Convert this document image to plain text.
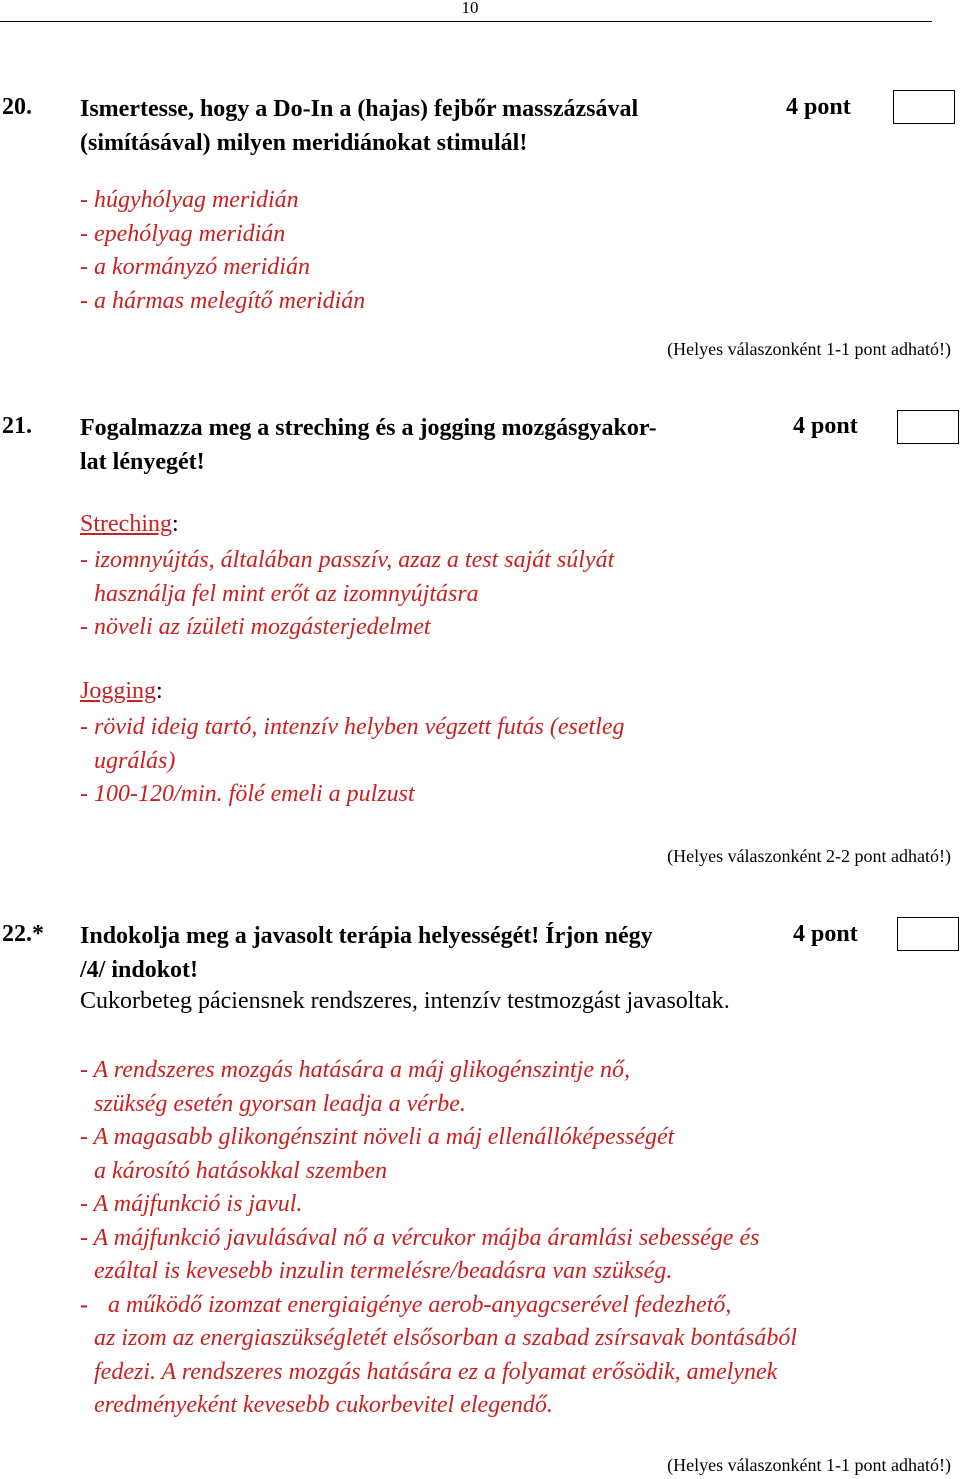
10
20. Ismertesse, hogy a Do-In a (hajas) fejbőr masszázsával
(simításával) milyen meridiánokat stimulál!
4 pont
- húgyhólyag meridián
- epehólyag meridián
- a kormányzó meridián
- a hármas melegítő meridián
(Helyes válaszonként 1-1 pont adható!)
21. Fogalmazza meg a streching és a jogging mozgásgyakor-
lat lényegét!
4 pont
Streching:
- izomnyújtás, általában passzív, azaz a test saját súlyát
használja fel mint erőt az izomnyújtásra
- növeli az ízületi mozgásterjedelmet
Jogging:
- rövid ideig tartó, intenzív helyben végzett futás (esetleg
ugrálás)
- 100-120/min. fölé emeli a pulzust
(Helyes válaszonként 2-2 pont adható!)
22.* Indokolja meg a javasolt terápia helyességét! Írjon négy
/4/ indokot!
4 pont
Cukorbeteg páciensnek rendszeres, intenzív testmozgást javasoltak.
- A rendszeres mozgás hatására a máj glikogénszintje nő,
szükség esetén gyorsan leadja a vérbe.
- A magasabb glikongénszint növeli a máj ellenállóképességét
a károsító hatásokkal szemben
- A májfunkció is javul.
- A májfunkció javulásával nő a vércukor májba áramlási sebessége és
ezáltal is kevesebb inzulin termelésre/beadásra van szükség.
- a működő izomzat energiaigénye aerob-anyagcserével fedezhető,
az izom az energiaszükségletét elsősorban a szabad zsírsavak bontásából
fedezi. A rendszeres mozgás hatására ez a folyamat erősödik, amelynek
eredményeként kevesebb cukorbevitel elegendő.
(Helyes válaszonként 1-1 pont adható!)
